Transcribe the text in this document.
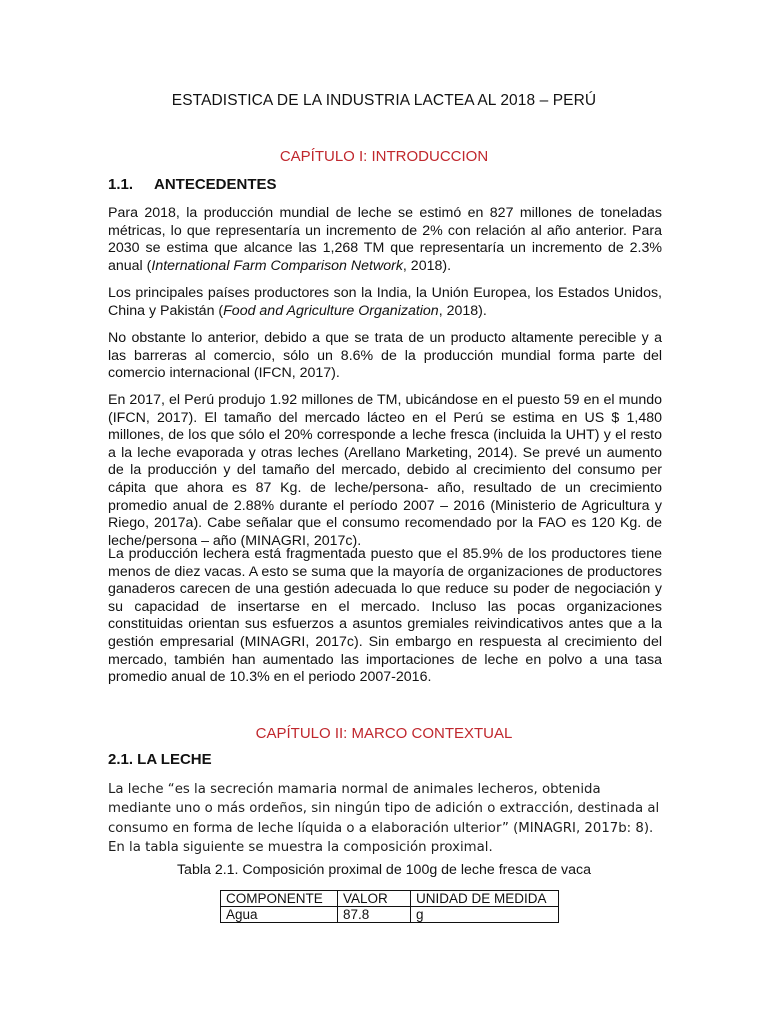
ESTADISTICA DE LA INDUSTRIA LACTEA AL 2018 – PERÚ
CAPÍTULO I: INTRODUCCION
1.1. ANTECEDENTES

Para 2018, la producción mundial de leche se estimó en 827 millones de toneladas métricas, lo que representaría un incremento de 2% con relación al año anterior. Para 2030 se estima que alcance las 1,268 TM que representaría un incremento de 2.3% anual (International Farm Comparison Network, 2018).

Los principales países productores son la India, la Unión Europea, los Estados Unidos, China y Pakistán (Food and Agriculture Organization, 2018).

No obstante lo anterior, debido a que se trata de un producto altamente perecible y a las barreras al comercio, sólo un 8.6% de la producción mundial forma parte del comercio internacional (IFCN, 2017).

En 2017, el Perú produjo 1.92 millones de TM, ubicándose en el puesto 59 en el mundo (IFCN, 2017). El tamaño del mercado lácteo en el Perú se estima en US $ 1,480 millones, de los que sólo el 20% corresponde a leche fresca (incluida la UHT) y el resto a la leche evaporada y otras leches (Arellano Marketing, 2014). Se prevé un aumento de la producción y del tamaño del mercado, debido al crecimiento del consumo per cápita que ahora es 87 Kg. de leche/persona- año, resultado de un crecimiento promedio anual de 2.88% durante el período 2007 – 2016 (Ministerio de Agricultura y Riego, 2017a). Cabe señalar que el consumo recomendado por la FAO es 120 Kg. de leche/persona – año (MINAGRI, 2017c).

La producción lechera está fragmentada puesto que el 85.9% de los productores tiene menos de diez vacas. A esto se suma que la mayoría de organizaciones de productores ganaderos carecen de una gestión adecuada lo que reduce su poder de negociación y su capacidad de insertarse en el mercado. Incluso las pocas organizaciones constituidas orientan sus esfuerzos a asuntos gremiales reivindicativos antes que a la gestión empresarial (MINAGRI, 2017c). Sin embargo en respuesta al crecimiento del mercado, también han aumentado las importaciones de leche en polvo a una tasa promedio anual de 10.3% en el periodo 2007-2016.

CAPÍTULO II: MARCO CONTEXTUAL
2.1. LA LECHE

La leche “es la secreción mamaria normal de animales lecheros, obtenida mediante uno o más ordeños, sin ningún tipo de adición o extracción, destinada al consumo en forma de leche líquida o a elaboración ulterior” (MINAGRI, 2017b: 8). En la tabla siguiente se muestra la composición proximal.

Tabla 2.1. Composición proximal de 100g de leche fresca de vaca
COMPONENTE	VALOR	UNIDAD DE MEDIDA
Agua	87.8	g
